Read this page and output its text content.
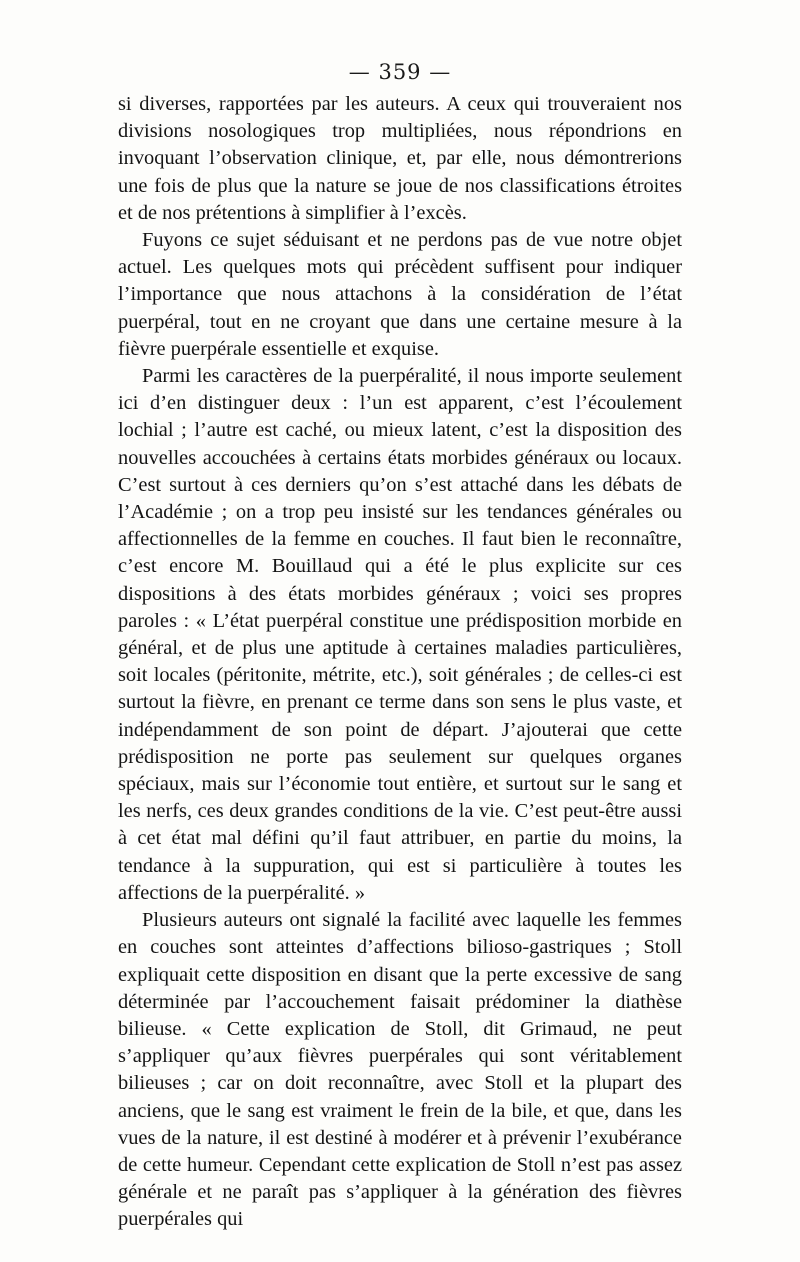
— 359 —

si diverses, rapportées par les auteurs. A ceux qui trouveraient nos divisions nosologiques trop multipliées, nous répondrions en invoquant l’observation clinique, et, par elle, nous démontrerions une fois de plus que la nature se joue de nos classifications étroites et de nos prétentions à simplifier à l’excès.

Fuyons ce sujet séduisant et ne perdons pas de vue notre objet actuel. Les quelques mots qui précèdent suffisent pour indiquer l’importance que nous attachons à la considération de l’état puerpéral, tout en ne croyant que dans une certaine mesure à la fièvre puerpérale essentielle et exquise.

Parmi les caractères de la puerpéralité, il nous importe seulement ici d’en distinguer deux : l’un est apparent, c’est l’écoulement lochial ; l’autre est caché, ou mieux latent, c’est la disposition des nouvelles accouchées à certains états morbides généraux ou locaux. C’est surtout à ces derniers qu’on s’est attaché dans les débats de l’Académie ; on a trop peu insisté sur les tendances générales ou affectionnelles de la femme en couches. Il faut bien le reconnaître, c’est encore M. Bouillaud qui a été le plus explicite sur ces dispositions à des états morbides généraux ; voici ses propres paroles : « L’état puerpéral constitue une prédisposition morbide en général, et de plus une aptitude à certaines maladies particulières, soit locales (péritonite, métrite, etc.), soit générales ; de celles-ci est surtout la fièvre, en prenant ce terme dans son sens le plus vaste, et indépendamment de son point de départ. J’ajouterai que cette prédisposition ne porte pas seulement sur quelques organes spéciaux, mais sur l’économie tout entière, et surtout sur le sang et les nerfs, ces deux grandes conditions de la vie. C’est peut-être aussi à cet état mal défini qu’il faut attribuer, en partie du moins, la tendance à la suppuration, qui est si particulière à toutes les affections de la puerpéralité. »

Plusieurs auteurs ont signalé la facilité avec laquelle les femmes en couches sont atteintes d’affections bilioso-gastriques ; Stoll expliquait cette disposition en disant que la perte excessive de sang déterminée par l’accouchement faisait prédominer la diathèse bilieuse. « Cette explication de Stoll, dit Grimaud, ne peut s’appliquer qu’aux fièvres puerpérales qui sont véritablement bilieuses ; car on doit reconnaître, avec Stoll et la plupart des anciens, que le sang est vraiment le frein de la bile, et que, dans les vues de la nature, il est destiné à modérer et à prévenir l’exubérance de cette humeur. Cependant cette explication de Stoll n’est pas assez générale et ne paraît pas s’appliquer à la génération des fièvres puerpérales qui
